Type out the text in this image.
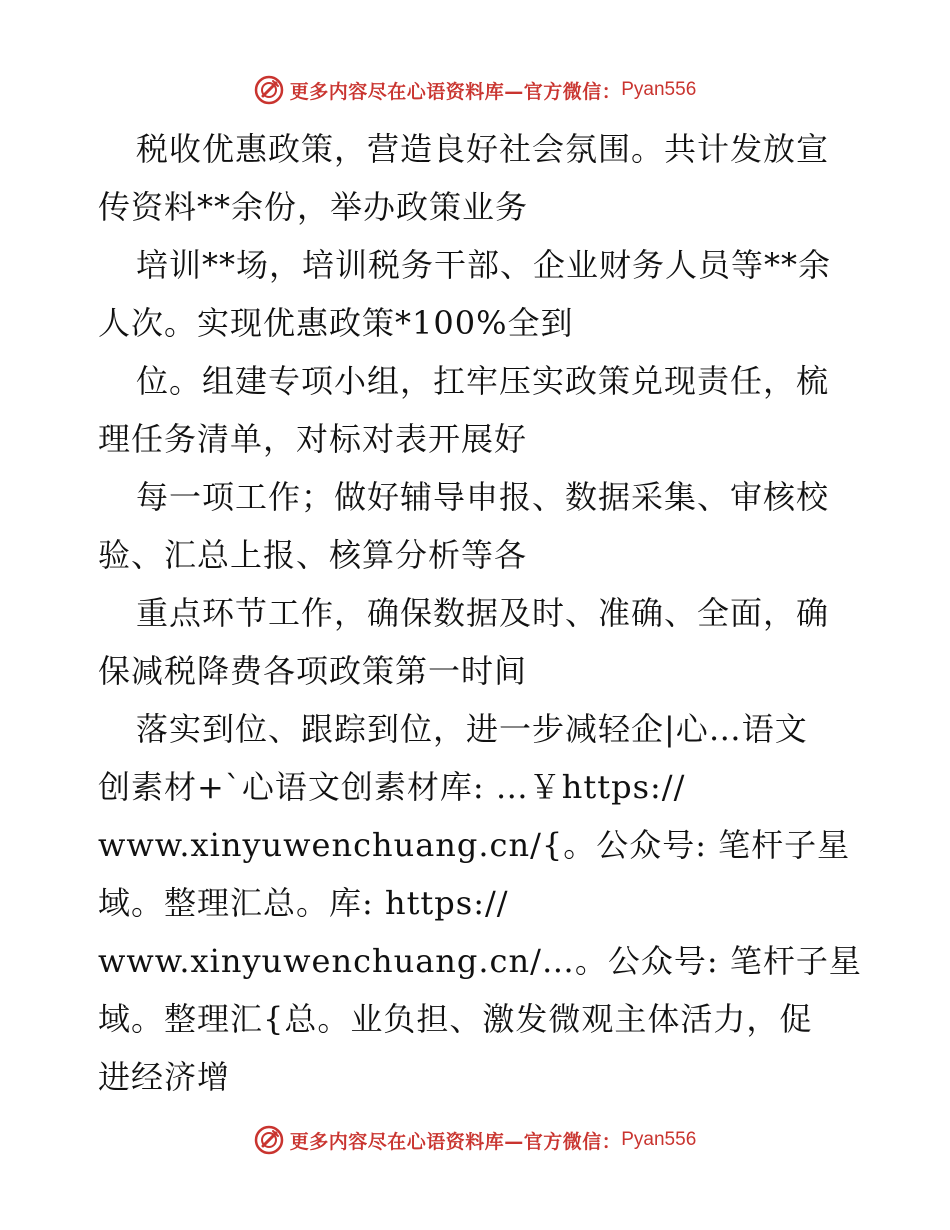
更多内容尽在心语资料库—官方微信： Pyan556
税收优惠政策，营造良好社会氛围。共计发放宣
传资料**余份，举办政策业务
培训**场，培训税务干部、企业财务人员等**余
人次。实现优惠政策*100%全到
位。组建专项小组，扛牢压实政策兑现责任，梳
理任务清单，对标对表开展好
每一项工作；做好辅导申报、数据采集、审核校
验、汇总上报、核算分析等各
重点环节工作，确保数据及时、准确、全面，确
保减税降费各项政策第一时间
落实到位、跟踪到位，进一步减轻企|心…语文
创素材+`心语文创素材库: …￥https://
www.xinyuwenchuang.cn/{。公众号: 笔杆子星
域。整理汇总。库: https://
www.xinyuwenchuang.cn/…。公众号: 笔杆子星
域。整理汇{总。业负担、激发微观主体活力，促
进经济增
更多内容尽在心语资料库—官方微信： Pyan556
